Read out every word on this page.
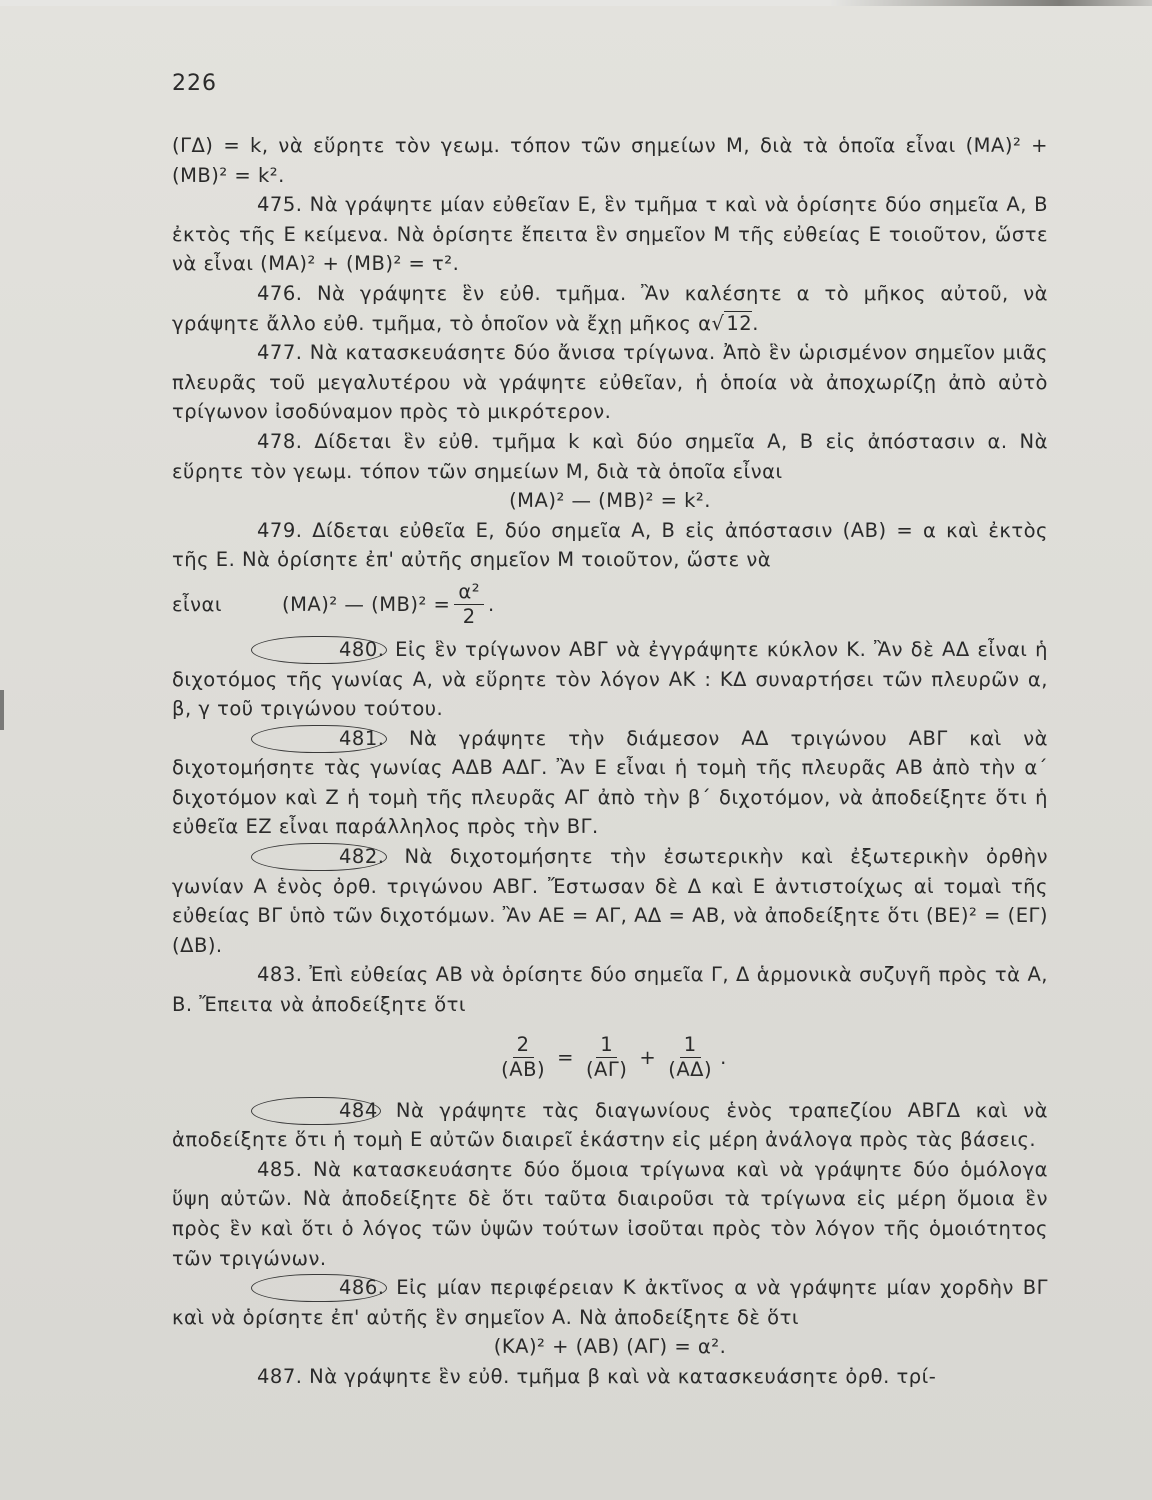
226

(ΓΔ) = k, νὰ εὕρητε τὸν γεωμ. τόπον τῶν σημείων Μ, διὰ τὰ ὁποῖα εἶναι (ΜΑ)² + (ΜΒ)² = k².

475. Νὰ γράψητε μίαν εὐθεῖαν Ε, ἓν τμῆμα τ καὶ νὰ ὁρίσητε δύο σημεῖα Α, Β ἐκτὸς τῆς Ε κείμενα. Νὰ ὁρίσητε ἔπειτα ἓν σημεῖον Μ τῆς εὐθείας Ε τοιοῦτον, ὥστε νὰ εἶναι (ΜΑ)² + (ΜΒ)² = τ².

476. Νὰ γράψητε ἓν εὐθ. τμῆμα. Ἂν καλέσητε α τὸ μῆκος αὐτοῦ, νὰ γράψητε ἄλλο εὐθ. τμῆμα, τὸ ὁποῖον νὰ ἔχῃ μῆκος α√ 12.

477. Νὰ κατασκευάσητε δύο ἄνισα τρίγωνα. Ἀπὸ ἓν ὡρισμένον σημεῖον μιᾶς πλευρᾶς τοῦ μεγαλυτέρου νὰ γράψητε εὐθεῖαν, ἡ ὁποία νὰ ἀποχωρίζῃ ἀπὸ αὐτὸ τρίγωνον ἰσοδύναμον πρὸς τὸ μικρότερον.

478. Δίδεται ἓν εὐθ. τμῆμα k καὶ δύο σημεῖα Α, Β εἰς ἀπόστασιν α. Νὰ εὕρητε τὸν γεωμ. τόπον τῶν σημείων Μ, διὰ τὰ ὁποῖα εἶναι

(ΜΑ)² — (ΜΒ)² = k².

479. Δίδεται εὐθεῖα Ε, δύο σημεῖα Α, Β εἰς ἀπόστασιν (ΑΒ) = α καὶ ἐκτὸς τῆς Ε. Νὰ ὁρίσητε ἐπ' αὐτῆς σημεῖον Μ τοιοῦτον, ὥστε νὰ

εἶναι	(ΜΑ)² — $(MB)^2 = \frac{\text{α²}}{2}$ .

480. Εἰς ἓν τρίγωνον ΑΒΓ νὰ ἐγγράψητε κύκλον Κ. Ἂν δὲ ΑΔ εἶναι ἡ διχοτόμος τῆς γωνίας Α, νὰ εὕρητε τὸν λόγον ΑΚ : ΚΔ συναρτήσει τῶν πλευρῶν α, β, γ τοῦ τριγώνου τούτου.

481. Νὰ γράψητε τὴν διάμεσον ΑΔ τριγώνου ΑΒΓ καὶ νὰ διχοτομήσητε τὰς γωνίας ΑΔΒ ΑΔΓ. Ἂν Ε εἶναι ἡ τομὴ τῆς πλευρᾶς ΑΒ ἀπὸ τὴν α΄ διχοτόμον καὶ Ζ ἡ τομὴ τῆς πλευρᾶς ΑΓ ἀπὸ τὴν β΄ διχοτόμον, νὰ ἀποδείξητε ὅτι ἡ εὐθεῖα ΕΖ εἶναι παράλληλος πρὸς τὴν ΒΓ.

482. Νὰ διχοτομήσητε τὴν ἐσωτερικὴν καὶ ἐξωτερικὴν ὀρθὴν γωνίαν Α ἑνὸς ὀρθ. τριγώνου ΑΒΓ. Ἔστωσαν δὲ Δ καὶ Ε ἀντιστοίχως αἱ τομαὶ τῆς εὐθείας ΒΓ ὑπὸ τῶν διχοτόμων. Ἂν ΑΕ = ΑΓ, ΑΔ = ΑΒ, νὰ ἀποδείξητε ὅτι (ΒΕ)² = (ΕΓ) (ΔΒ).

483. Ἐπὶ εὐθείας ΑΒ νὰ ὁρίσητε δύο σημεῖα Γ, Δ ἁρμονικὰ συζυγῆ πρὸς τὰ Α, Β. Ἔπειτα νὰ ἀποδείξητε ὅτι

$\frac{2}{(AB)} = \frac{1}{(A\Gamma)} + \frac{1}{(A\Delta)}$ .

484 Νὰ γράψητε τὰς διαγωνίους ἑνὸς τραπεζίου ΑΒΓΔ καὶ νὰ ἀποδείξητε ὅτι ἡ τομὴ Ε αὐτῶν διαιρεῖ ἑκάστην εἰς μέρη ἀνάλογα πρὸς τὰς βάσεις.

485. Νὰ κατασκευάσητε δύο ὅμοια τρίγωνα καὶ νὰ γράψητε δύο ὁμόλογα ὕψη αὐτῶν. Νὰ ἀποδείξητε δὲ ὅτι ταῦτα διαιροῦσι τὰ τρίγωνα εἰς μέρη ὅμοια ἓν πρὸς ἓν καὶ ὅτι ὁ λόγος τῶν ὑψῶν τούτων ἰσοῦται πρὸς τὸν λόγον τῆς ὁμοιότητος τῶν τριγώνων.

486. Εἰς μίαν περιφέρειαν Κ ἀκτῖνος α νὰ γράψητε μίαν χορδὴν ΒΓ καὶ νὰ ὁρίσητε ἐπ' αὐτῆς ἓν σημεῖον Α. Νὰ ἀποδείξητε δὲ ὅτι

(ΚΑ)² + (ΑΒ) (ΑΓ) = α².

487. Νὰ γράψητε ἓν εὐθ. τμῆμα β καὶ νὰ κατασκευάσητε ὀρθ. τρί-
